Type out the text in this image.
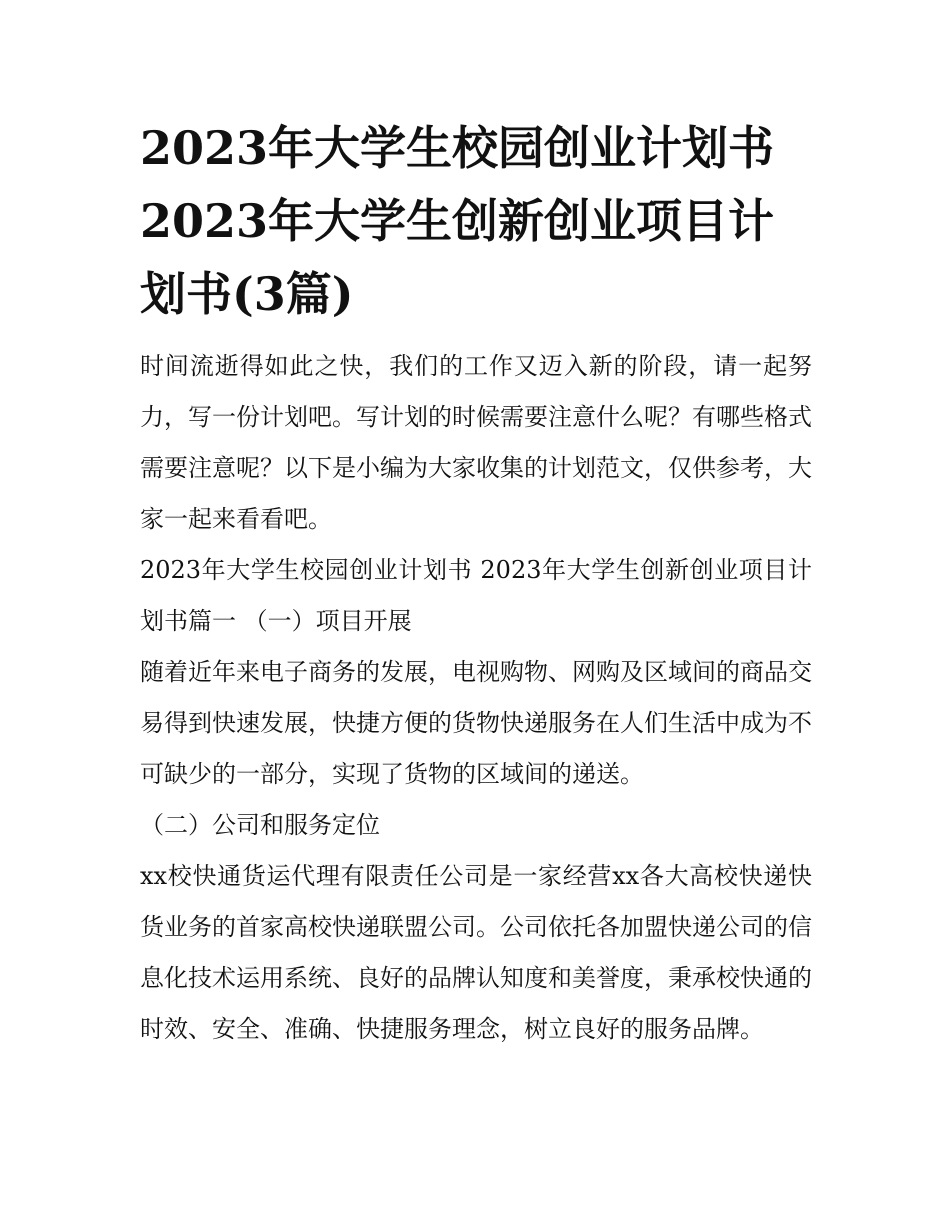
2023年大学生校园创业计划书 2023年大学生创新创业项目计划书(3篇)

时间流逝得如此之快，我们的工作又迈入新的阶段，请一起努力，写一份计划吧。写计划的时候需要注意什么呢？有哪些格式需要注意呢？以下是小编为大家收集的计划范文，仅供参考，大家一起来看看吧。

2023年大学生校园创业计划书 2023年大学生创新创业项目计划书篇一 （一）项目开展

随着近年来电子商务的发展，电视购物、网购及区域间的商品交易得到快速发展，快捷方便的货物快递服务在人们生活中成为不可缺少的一部分，实现了货物的区域间的递送。

（二）公司和服务定位

xx校快通货运代理有限责任公司是一家经营xx各大高校快递快货业务的首家高校快递联盟公司。公司依托各加盟快递公司的信息化技术运用系统、良好的品牌认知度和美誉度，秉承校快通的时效、安全、准确、快捷服务理念，树立良好的服务品牌。
